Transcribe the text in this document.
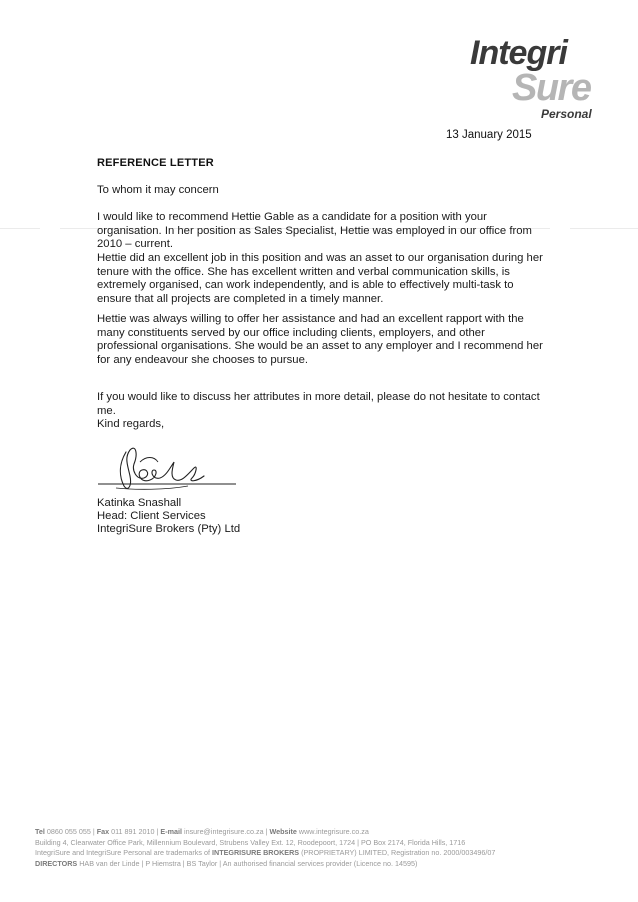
Integri
Sure
Personal
13 January 2015
REFERENCE LETTER
To whom it may concern
I would like to recommend Hettie Gable as a candidate for a position with your organisation. In her position as Sales Specialist, Hettie was employed in our office from 2010 – current.
Hettie did an excellent job in this position and was an asset to our organisation during her tenure with the office. She has excellent written and verbal communication skills, is extremely organised, can work independently, and is able to effectively multi-task to ensure that all projects are completed in a timely manner.
Hettie was always willing to offer her assistance and had an excellent rapport with the many constituents served by our office including clients, employers, and other professional organisations. She would be an asset to any employer and I recommend her for any endeavour she chooses to pursue.
If you would like to discuss her attributes in more detail, please do not hesitate to contact me.
Kind regards,
Katinka Snashall
Head: Client Services
IntegriSure Brokers (Pty) Ltd
Tel 0860 055 055 | Fax 011 891 2010 | E-mail insure@integrisure.co.za | Website www.integrisure.co.za
Building 4, Clearwater Office Park, Millennium Boulevard, Strubens Valley Ext. 12, Roodepoort, 1724 | PO Box 2174, Florida Hills, 1716
IntegriSure and IntegriSure Personal are trademarks of INTEGRISURE BROKERS (PROPRIETARY) LIMITED, Registration no. 2000/003496/07
DIRECTORS HAB van der Linde | P Hiemstra | BS Taylor | An authorised financial services provider (Licence no. 14595)
